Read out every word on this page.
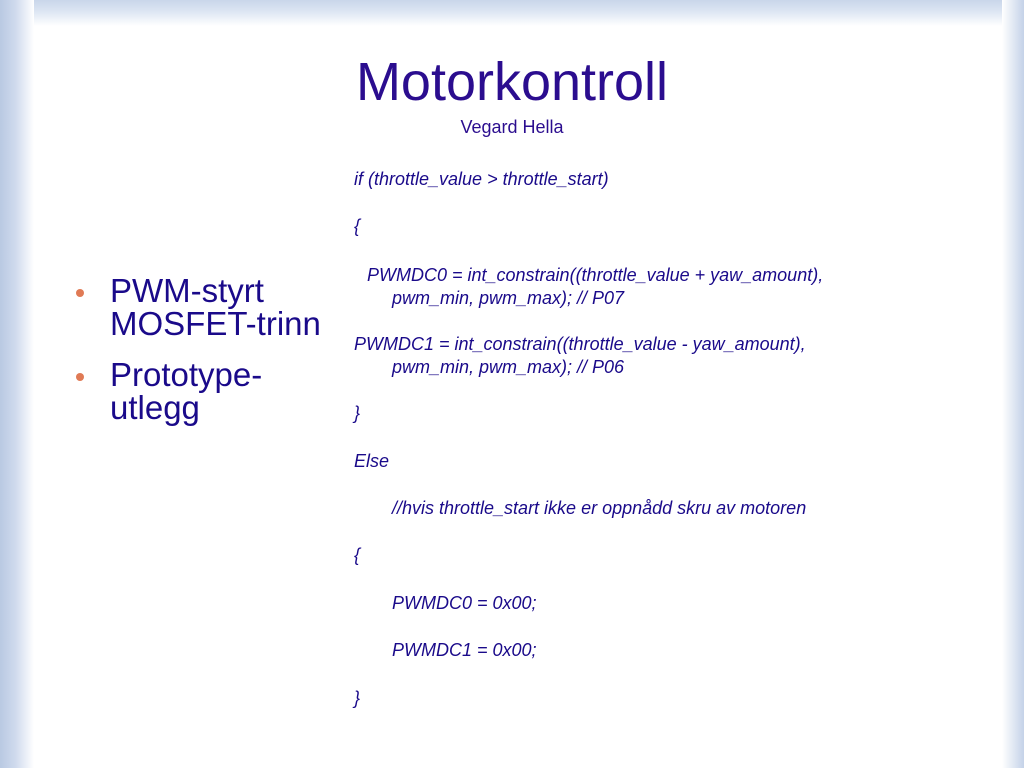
Motorkontroll
Vegard Hella
PWM-styrt MOSFET-trinn
Prototype-utlegg
if (throttle_value > throttle_start)
{
PWMDC0 = int_constrain((throttle_value + yaw_amount),
pwm_min, pwm_max); // P07
PWMDC1 = int_constrain((throttle_value - yaw_amount),
pwm_min, pwm_max); // P06
}
Else
//hvis throttle_start ikke er oppnådd skru av motoren
{
PWMDC0 = 0x00;
PWMDC1 = 0x00;
}
